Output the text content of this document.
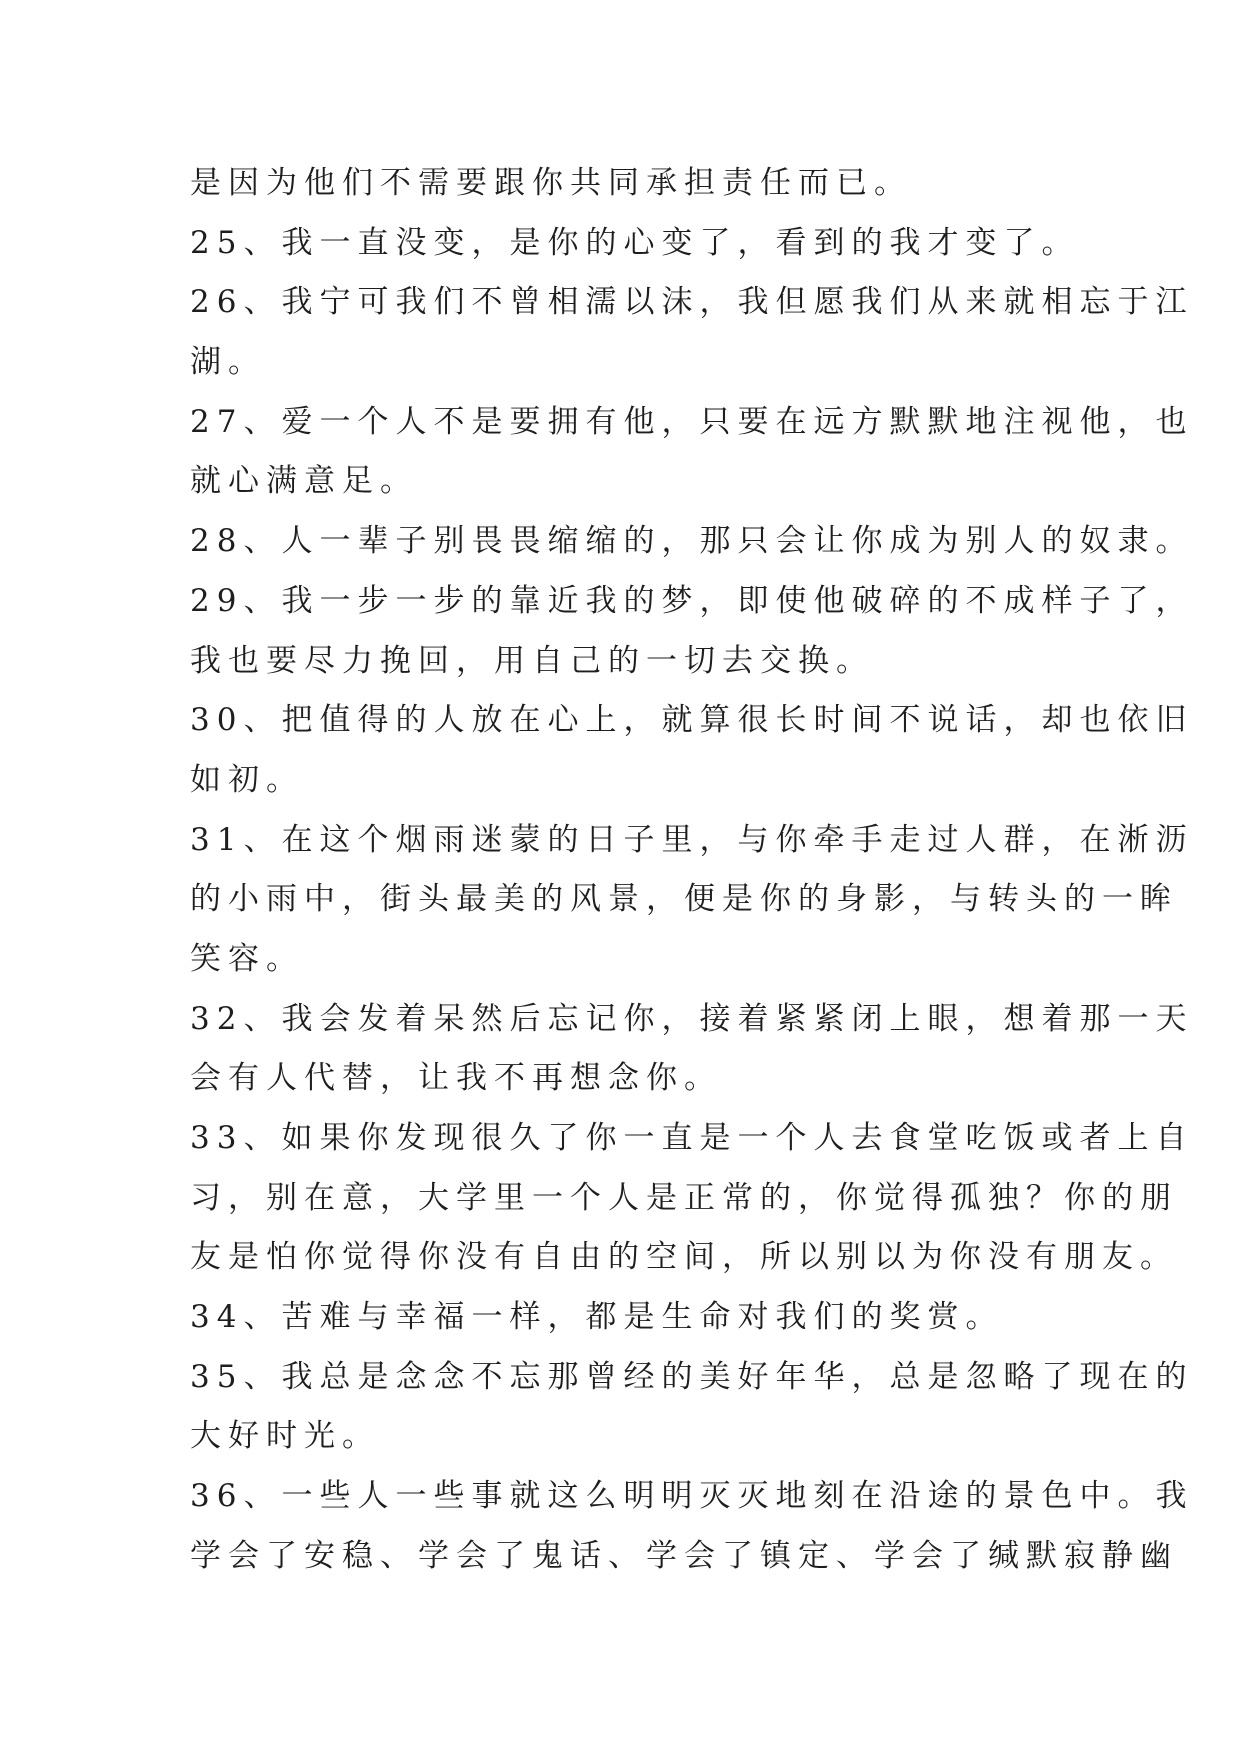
是因为他们不需要跟你共同承担责任而已。
25、我一直没变，是你的心变了，看到的我才变了。
26、我宁可我们不曾相濡以沫，我但愿我们从来就相忘于江
湖。
27、爱一个人不是要拥有他，只要在远方默默地注视他，也
就心满意足。
28、人一辈子别畏畏缩缩的，那只会让你成为别人的奴隶。
29、我一步一步的靠近我的梦，即使他破碎的不成样子了，
我也要尽力挽回，用自己的一切去交换。
30、把值得的人放在心上，就算很长时间不说话，却也依旧
如初。
31、在这个烟雨迷蒙的日子里，与你牵手走过人群，在淅沥
的小雨中，街头最美的风景，便是你的身影，与转头的一眸
笑容。
32、我会发着呆然后忘记你，接着紧紧闭上眼，想着那一天
会有人代替，让我不再想念你。
33、如果你发现很久了你一直是一个人去食堂吃饭或者上自
习，别在意，大学里一个人是正常的，你觉得孤独？你的朋
友是怕你觉得你没有自由的空间，所以别以为你没有朋友。
34、苦难与幸福一样，都是生命对我们的奖赏。
35、我总是念念不忘那曾经的美好年华，总是忽略了现在的
大好时光。
36、一些人一些事就这么明明灭灭地刻在沿途的景色中。我
学会了安稳、学会了鬼话、学会了镇定、学会了缄默寂静幽
